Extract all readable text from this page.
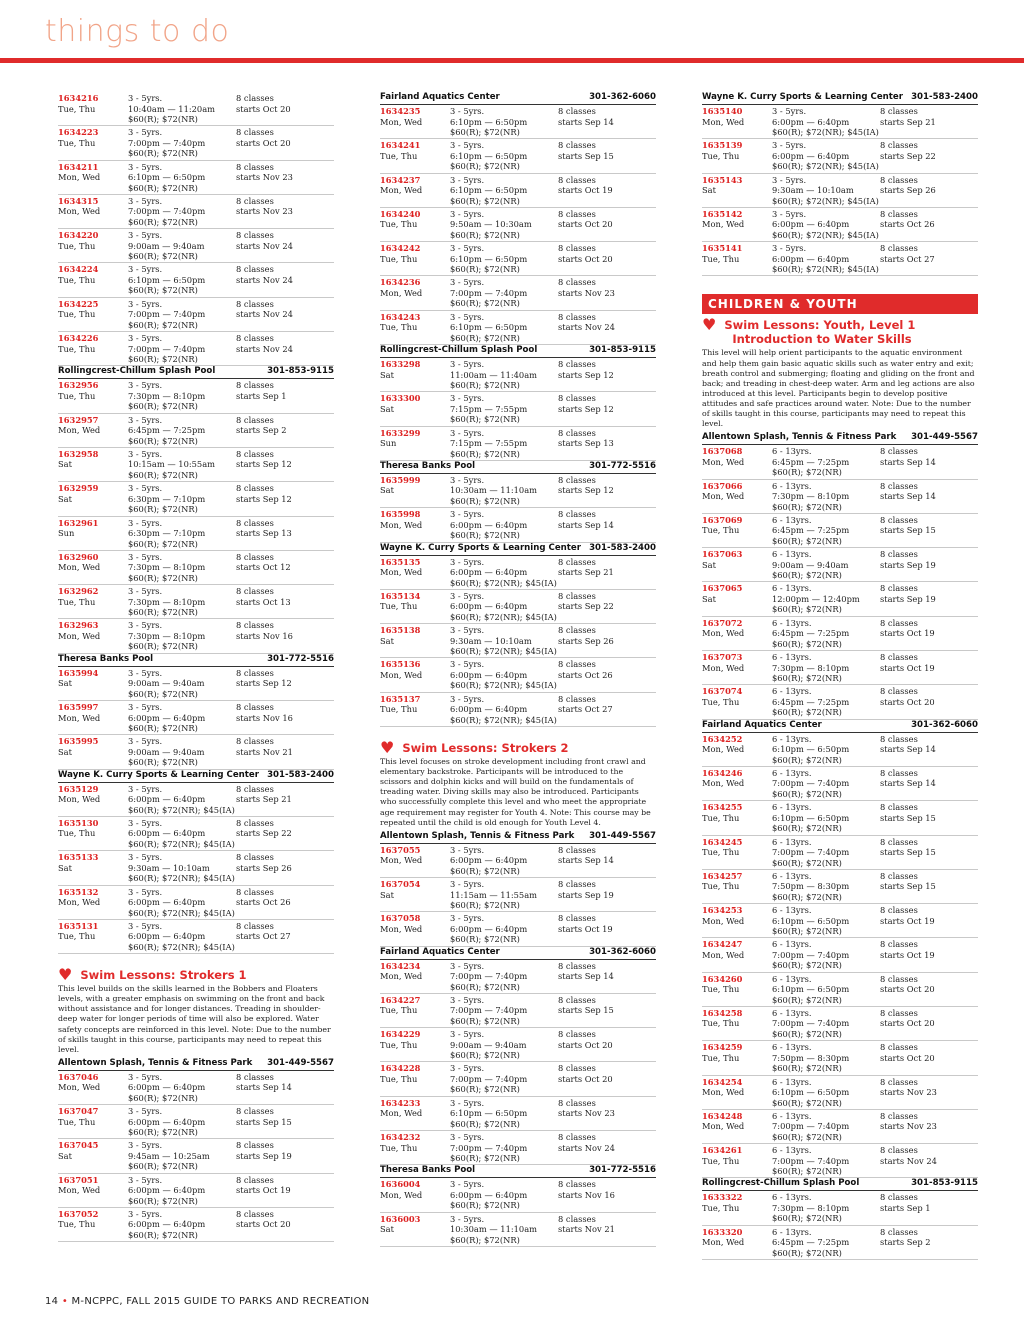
things to do
1634216
Tue, Thu
3 - 5yrs.
10:40am — 11:20am
$60(R); $72(NR)
8 classes
starts Oct 20
1634223
Tue, Thu
3 - 5yrs.
7:00pm — 7:40pm
$60(R); $72(NR)
8 classes
starts Oct 20
1634211
Mon, Wed
3 - 5yrs.
6:10pm — 6:50pm
$60(R); $72(NR)
8 classes
starts Nov 23
1634315
Mon, Wed
3 - 5yrs.
7:00pm — 7:40pm
$60(R); $72(NR)
8 classes
starts Nov 23
1634220
Tue, Thu
3 - 5yrs.
9:00am — 9:40am
$60(R); $72(NR)
8 classes
starts Nov 24
1634224
Tue, Thu
3 - 5yrs.
6:10pm — 6:50pm
$60(R); $72(NR)
8 classes
starts Nov 24
1634225
Tue, Thu
3 - 5yrs.
7:00pm — 7:40pm
$60(R); $72(NR)
8 classes
starts Nov 24
1634226
Tue, Thu
3 - 5yrs.
7:00pm — 7:40pm
$60(R); $72(NR)
8 classes
starts Nov 24
Rollingcrest-Chillum Splash Pool	301-853-9115
1632956
Tue, Thu
3 - 5yrs.
7:30pm — 8:10pm
$60(R); $72(NR)
8 classes
starts Sep 1
1632957
Mon, Wed
3 - 5yrs.
6:45pm — 7:25pm
$60(R); $72(NR)
8 classes
starts Sep 2
1632958
Sat
3 - 5yrs.
10:15am — 10:55am
$60(R); $72(NR)
8 classes
starts Sep 12
1632959
Sat
3 - 5yrs.
6:30pm — 7:10pm
$60(R); $72(NR)
8 classes
starts Sep 12
1632961
Sun
3 - 5yrs.
6:30pm — 7:10pm
$60(R); $72(NR)
8 classes
starts Sep 13
1632960
Mon, Wed
3 - 5yrs.
7:30pm — 8:10pm
$60(R); $72(NR)
8 classes
starts Oct 12
1632962
Tue, Thu
3 - 5yrs.
7:30pm — 8:10pm
$60(R); $72(NR)
8 classes
starts Oct 13
1632963
Mon, Wed
3 - 5yrs.
7:30pm — 8:10pm
$60(R); $72(NR)
8 classes
starts Nov 16
Theresa Banks Pool	301-772-5516
1635994
Sat
3 - 5yrs.
9:00am — 9:40am
$60(R); $72(NR)
8 classes
starts Sep 12
1635997
Mon, Wed
3 - 5yrs.
6:00pm — 6:40pm
$60(R); $72(NR)
8 classes
starts Nov 16
1635995
Sat
3 - 5yrs.
9:00am — 9:40am
$60(R); $72(NR)
8 classes
starts Nov 21
Wayne K. Curry Sports & Learning Center 301-583-2400
1635129
Mon, Wed
3 - 5yrs.
6:00pm — 6:40pm
$60(R); $72(NR); $45(IA)
8 classes
starts Sep 21
1635130
Tue, Thu
3 - 5yrs.
6:00pm — 6:40pm
$60(R); $72(NR); $45(IA)
8 classes
starts Sep 22
1635133
Sat
3 - 5yrs.
9:30am — 10:10am
$60(R); $72(NR); $45(IA)
8 classes
starts Sep 26
1635132
Mon, Wed
3 - 5yrs.
6:00pm — 6:40pm
$60(R); $72(NR); $45(IA)
8 classes
starts Oct 26
1635131
Tue, Thu
3 - 5yrs.
6:00pm — 6:40pm
$60(R); $72(NR); $45(IA)
8 classes
starts Oct 27
♥ Swim Lessons: Strokers 1
This level builds on the skills learned in the Bobbers and Floaters levels, with a greater emphasis on swimming on the front and back without assistance and for longer distances. Treading in shoulder-deep water for longer periods of time will also be explored. Water safety concepts are reinforced in this level. Note: Due to the number of skills taught in this course, participants may need to repeat this level.
Allentown Splash, Tennis & Fitness Park 301-449-5567
1637046
Mon, Wed
3 - 5yrs.
6:00pm — 6:40pm
$60(R); $72(NR)
8 classes
starts Sep 14
1637047
Tue, Thu
3 - 5yrs.
6:00pm — 6:40pm
$60(R); $72(NR)
8 classes
starts Sep 15
1637045
Sat
3 - 5yrs.
9:45am — 10:25am
$60(R); $72(NR)
8 classes
starts Sep 19
1637051
Mon, Wed
3 - 5yrs.
6:00pm — 6:40pm
$60(R); $72(NR)
8 classes
starts Oct 19
1637052
Tue, Thu
3 - 5yrs.
6:00pm — 6:40pm
$60(R); $72(NR)
8 classes
starts Oct 20
Fairland Aquatics Center	301-362-6060
1634235
Mon, Wed
3 - 5yrs.
6:10pm — 6:50pm
$60(R); $72(NR)
8 classes
starts Sep 14
1634241
Tue, Thu
3 - 5yrs.
6:10pm — 6:50pm
$60(R); $72(NR)
8 classes
starts Sep 15
1634237
Mon, Wed
3 - 5yrs.
6:10pm — 6:50pm
$60(R); $72(NR)
8 classes
starts Oct 19
1634240
Tue, Thu
3 - 5yrs.
9:50am — 10:30am
$60(R); $72(NR)
8 classes
starts Oct 20
1634242
Tue, Thu
3 - 5yrs.
6:10pm — 6:50pm
$60(R); $72(NR)
8 classes
starts Oct 20
1634236
Mon, Wed
3 - 5yrs.
7:00pm — 7:40pm
$60(R); $72(NR)
8 classes
starts Nov 23
1634243
Tue, Thu
3 - 5yrs.
6:10pm — 6:50pm
$60(R); $72(NR)
8 classes
starts Nov 24
Rollingcrest-Chillum Splash Pool	301-853-9115
1633298
Sat
3 - 5yrs.
11:00am — 11:40am
$60(R); $72(NR)
8 classes
starts Sep 12
1633300
Sat
3 - 5yrs.
7:15pm — 7:55pm
$60(R); $72(NR)
8 classes
starts Sep 12
1633299
Sun
3 - 5yrs.
7:15pm — 7:55pm
$60(R); $72(NR)
8 classes
starts Sep 13
Theresa Banks Pool	301-772-5516
1635999
Sat
3 - 5yrs.
10:30am — 11:10am
$60(R); $72(NR)
8 classes
starts Sep 12
1635998
Mon, Wed
3 - 5yrs.
6:00pm — 6:40pm
$60(R); $72(NR)
8 classes
starts Sep 14
Wayne K. Curry Sports & Learning Center 301-583-2400
1635135
Mon, Wed
3 - 5yrs.
6:00pm — 6:40pm
$60(R); $72(NR); $45(IA)
8 classes
starts Sep 21
1635134
Tue, Thu
3 - 5yrs.
6:00pm — 6:40pm
$60(R); $72(NR); $45(IA)
8 classes
starts Sep 22
1635138
Sat
3 - 5yrs.
9:30am — 10:10am
$60(R); $72(NR); $45(IA)
8 classes
starts Sep 26
1635136
Mon, Wed
3 - 5yrs.
6:00pm — 6:40pm
$60(R); $72(NR); $45(IA)
8 classes
starts Oct 26
1635137
Tue, Thu
3 - 5yrs.
6:00pm — 6:40pm
$60(R); $72(NR); $45(IA)
8 classes
starts Oct 27
♥ Swim Lessons: Strokers 2
This level focuses on stroke development including front crawl and elementary backstroke. Participants will be introduced to the scissors and dolphin kicks and will build on the fundamentals of treading water. Diving skills may also be introduced. Participants who successfully complete this level and who meet the appropriate age requirement may register for Youth 4. Note: This course may be repeated until the child is old enough for Youth Level 4.
Allentown Splash, Tennis & Fitness Park 301-449-5567
1637055
Mon, Wed
3 - 5yrs.
6:00pm — 6:40pm
$60(R); $72(NR)
8 classes
starts Sep 14
1637054
Sat
3 - 5yrs.
11:15am — 11:55am
$60(R); $72(NR)
8 classes
starts Sep 19
1637058
Mon, Wed
3 - 5yrs.
6:00pm — 6:40pm
$60(R); $72(NR)
8 classes
starts Oct 19
Fairland Aquatics Center	301-362-6060
1634234
Mon, Wed
3 - 5yrs.
7:00pm — 7:40pm
$60(R); $72(NR)
8 classes
starts Sep 14
1634227
Tue, Thu
3 - 5yrs.
7:00pm — 7:40pm
$60(R); $72(NR)
8 classes
starts Sep 15
1634229
Tue, Thu
3 - 5yrs.
9:00am — 9:40am
$60(R); $72(NR)
8 classes
starts Oct 20
1634228
Tue, Thu
3 - 5yrs.
7:00pm — 7:40pm
$60(R); $72(NR)
8 classes
starts Oct 20
1634233
Mon, Wed
3 - 5yrs.
6:10pm — 6:50pm
$60(R); $72(NR)
8 classes
starts Nov 23
1634232
Tue, Thu
3 - 5yrs.
7:00pm — 7:40pm
$60(R); $72(NR)
8 classes
starts Nov 24
Theresa Banks Pool	301-772-5516
1636004
Mon, Wed
3 - 5yrs.
6:00pm — 6:40pm
$60(R); $72(NR)
8 classes
starts Nov 16
1636003
Sat
3 - 5yrs.
10:30am — 11:10am
$60(R); $72(NR)
8 classes
starts Nov 21
Wayne K. Curry Sports & Learning Center 301-583-2400
1635140
Mon, Wed
3 - 5yrs.
6:00pm — 6:40pm
$60(R); $72(NR); $45(IA)
8 classes
starts Sep 21
1635139
Tue, Thu
3 - 5yrs.
6:00pm — 6:40pm
$60(R); $72(NR); $45(IA)
8 classes
starts Sep 22
1635143
Sat
3 - 5yrs.
9:30am — 10:10am
$60(R); $72(NR); $45(IA)
8 classes
starts Sep 26
1635142
Mon, Wed
3 - 5yrs.
6:00pm — 6:40pm
$60(R); $72(NR); $45(IA)
8 classes
starts Oct 26
1635141
Tue, Thu
3 - 5yrs.
6:00pm — 6:40pm
$60(R); $72(NR); $45(IA)
8 classes
starts Oct 27
CHILDREN & YOUTH
♥ Swim Lessons: Youth, Level 1
Introduction to Water Skills
This level will help orient participants to the aquatic environment and help them gain basic aquatic skills such as water entry and exit; breath control and submerging; floating and gliding on the front and back; and treading in chest-deep water. Arm and leg actions are also introduced at this level. Participants begin to develop positive attitudes and safe practices around water. Note: Due to the number of skills taught in this course, participants may need to repeat this level.
Allentown Splash, Tennis & Fitness Park 301-449-5567
1637068
Mon, Wed
6 - 13yrs.
6:45pm — 7:25pm
$60(R); $72(NR)
8 classes
starts Sep 14
1637066
Mon, Wed
6 - 13yrs.
7:30pm — 8:10pm
$60(R); $72(NR)
8 classes
starts Sep 14
1637069
Tue, Thu
6 - 13yrs.
6:45pm — 7:25pm
$60(R); $72(NR)
8 classes
starts Sep 15
1637063
Sat
6 - 13yrs.
9:00am — 9:40am
$60(R); $72(NR)
8 classes
starts Sep 19
1637065
Sat
6 - 13yrs.
12:00pm — 12:40pm
$60(R); $72(NR)
8 classes
starts Sep 19
1637072
Mon, Wed
6 - 13yrs.
6:45pm — 7:25pm
$60(R); $72(NR)
8 classes
starts Oct 19
1637073
Mon, Wed
6 - 13yrs.
7:30pm — 8:10pm
$60(R); $72(NR)
8 classes
starts Oct 19
1637074
Tue, Thu
6 - 13yrs.
6:45pm — 7:25pm
$60(R); $72(NR)
8 classes
starts Oct 20
Fairland Aquatics Center	301-362-6060
1634252
Mon, Wed
6 - 13yrs.
6:10pm — 6:50pm
$60(R); $72(NR)
8 classes
starts Sep 14
1634246
Mon, Wed
6 - 13yrs.
7:00pm — 7:40pm
$60(R); $72(NR)
8 classes
starts Sep 14
1634255
Tue, Thu
6 - 13yrs.
6:10pm — 6:50pm
$60(R); $72(NR)
8 classes
starts Sep 15
1634245
Tue, Thu
6 - 13yrs.
7:00pm — 7:40pm
$60(R); $72(NR)
8 classes
starts Sep 15
1634257
Tue, Thu
6 - 13yrs.
7:50pm — 8:30pm
$60(R); $72(NR)
8 classes
starts Sep 15
1634253
Mon, Wed
6 - 13yrs.
6:10pm — 6:50pm
$60(R); $72(NR)
8 classes
starts Oct 19
1634247
Mon, Wed
6 - 13yrs.
7:00pm — 7:40pm
$60(R); $72(NR)
8 classes
starts Oct 19
1634260
Tue, Thu
6 - 13yrs.
6:10pm — 6:50pm
$60(R); $72(NR)
8 classes
starts Oct 20
1634258
Tue, Thu
6 - 13yrs.
7:00pm — 7:40pm
$60(R); $72(NR)
8 classes
starts Oct 20
1634259
Tue, Thu
6 - 13yrs.
7:50pm — 8:30pm
$60(R); $72(NR)
8 classes
starts Oct 20
1634254
Mon, Wed
6 - 13yrs.
6:10pm — 6:50pm
$60(R); $72(NR)
8 classes
starts Nov 23
1634248
Mon, Wed
6 - 13yrs.
7:00pm — 7:40pm
$60(R); $72(NR)
8 classes
starts Nov 23
1634261
Tue, Thu
6 - 13yrs.
7:00pm — 7:40pm
$60(R); $72(NR)
8 classes
starts Nov 24
Rollingcrest-Chillum Splash Pool	301-853-9115
1633322
Tue, Thu
6 - 13yrs.
7:30pm — 8:10pm
$60(R); $72(NR)
8 classes
starts Sep 1
1633320
Mon, Wed
6 - 13yrs.
6:45pm — 7:25pm
$60(R); $72(NR)
8 classes
starts Sep 2
14 • M-NCPPC, FALL 2015 GUIDE TO PARKS AND RECREATION
